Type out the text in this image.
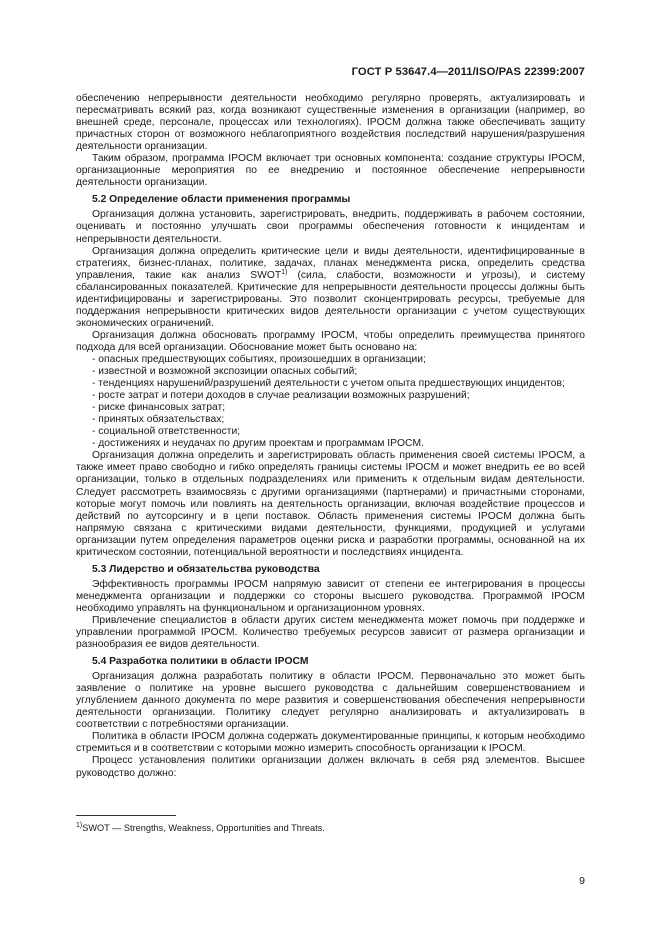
ГОСТ Р 53647.4—2011/ISO/PAS 22399:2007

обеспечению непрерывности деятельности необходимо регулярно проверять, актуализировать и пересматривать всякий раз, когда возникают существенные изменения в организации (например, во внешней среде, персонале, процессах или технологиях). IPOCM должна также обеспечивать защиту причастных сторон от возможного неблагоприятного воздействия последствий нарушения/разрушения деятельности организации.

Таким образом, программа IPOCM включает три основных компонента: создание структуры IPOCM, организационные мероприятия по ее внедрению и постоянное обеспечение непрерывности деятельности организации.

5.2 Определение области применения программы

Организация должна установить, зарегистрировать, внедрить, поддерживать в рабочем состоянии, оценивать и постоянно улучшать свои программы обеспечения готовности к инцидентам и непрерывности деятельности.

Организация должна определить критические цели и виды деятельности, идентифицированные в стратегиях, бизнес-планах, политике, задачах, планах менеджмента риска, определить средства управления, такие как анализ SWOT$^{1)}$ (сила, слабости, возможности и угрозы), и систему сбалансированных показателей. Критические для непрерывности деятельности процессы должны быть идентифицированы и зарегистрированы. Это позволит сконцентрировать ресурсы, требуемые для поддержания непрерывности критических видов деятельности организации с учетом существующих экономических ограничений.

Организация должна обосновать программу IPOCM, чтобы определить преимущества принятого подхода для всей организации. Обоснование может быть основано на:

- опасных предшествующих событиях, произошедших в организации;

- известной и возможной экспозиции опасных событий;

- тенденциях нарушений/разрушений деятельности с учетом опыта предшествующих инцидентов;

- росте затрат и потери доходов в случае реализации возможных разрушений;

- риске финансовых затрат;

- принятых обязательствах;

- социальной ответственности;

- достижениях и неудачах по другим проектам и программам IPOCM.

Организация должна определить и зарегистрировать область применения своей системы IPOCM, а также имеет право свободно и гибко определять границы системы IPOCM и может внедрить ее во всей организации, только в отдельных подразделениях или применить к отдельным видам деятельности. Следует рассмотреть взаимосвязь с другими организациями (партнерами) и причастными сторонами, которые могут помочь или повлиять на деятельность организации, включая воздействие процессов и действий по аутсорсингу и в цепи поставок. Область применения системы IPOCM должна быть напрямую связана с критическими видами деятельности, функциями, продукцией и услугами организации путем определения параметров оценки риска и разработки программы, основанной на их критическом состоянии, потенциальной вероятности и последствиях инцидента.

5.3 Лидерство и обязательства руководства

Эффективность программы IPOCM напрямую зависит от степени ее интегрирования в процессы менеджмента организации и поддержки со стороны высшего руководства. Программой IPOCM необходимо управлять на функциональном и организационном уровнях.

Привлечение специалистов в области других систем менеджмента может помочь при поддержке и управлении программой IPOCM. Количество требуемых ресурсов зависит от размера организации и разнообразия ее видов деятельности.

5.4 Разработка политики в области IPOCM

Организация должна разработать политику в области IPOCM. Первоначально это может быть заявление о политике на уровне высшего руководства с дальнейшим совершенствованием и углублением данного документа по мере развития и совершенствования обеспечения непрерывности деятельности организации. Политику следует регулярно анализировать и актуализировать в соответствии с потребностями организации.

Политика в области IPOCM должна содержать документированные принципы, к которым необходимо стремиться и в соответствии с которыми можно измерить способность организации к IPOCM.

Процесс установления политики организации должен включать в себя ряд элементов. Высшее руководство должно:

$^{1)}$SWOT — Strengths, Weakness, Opportunities and Threats.
9
